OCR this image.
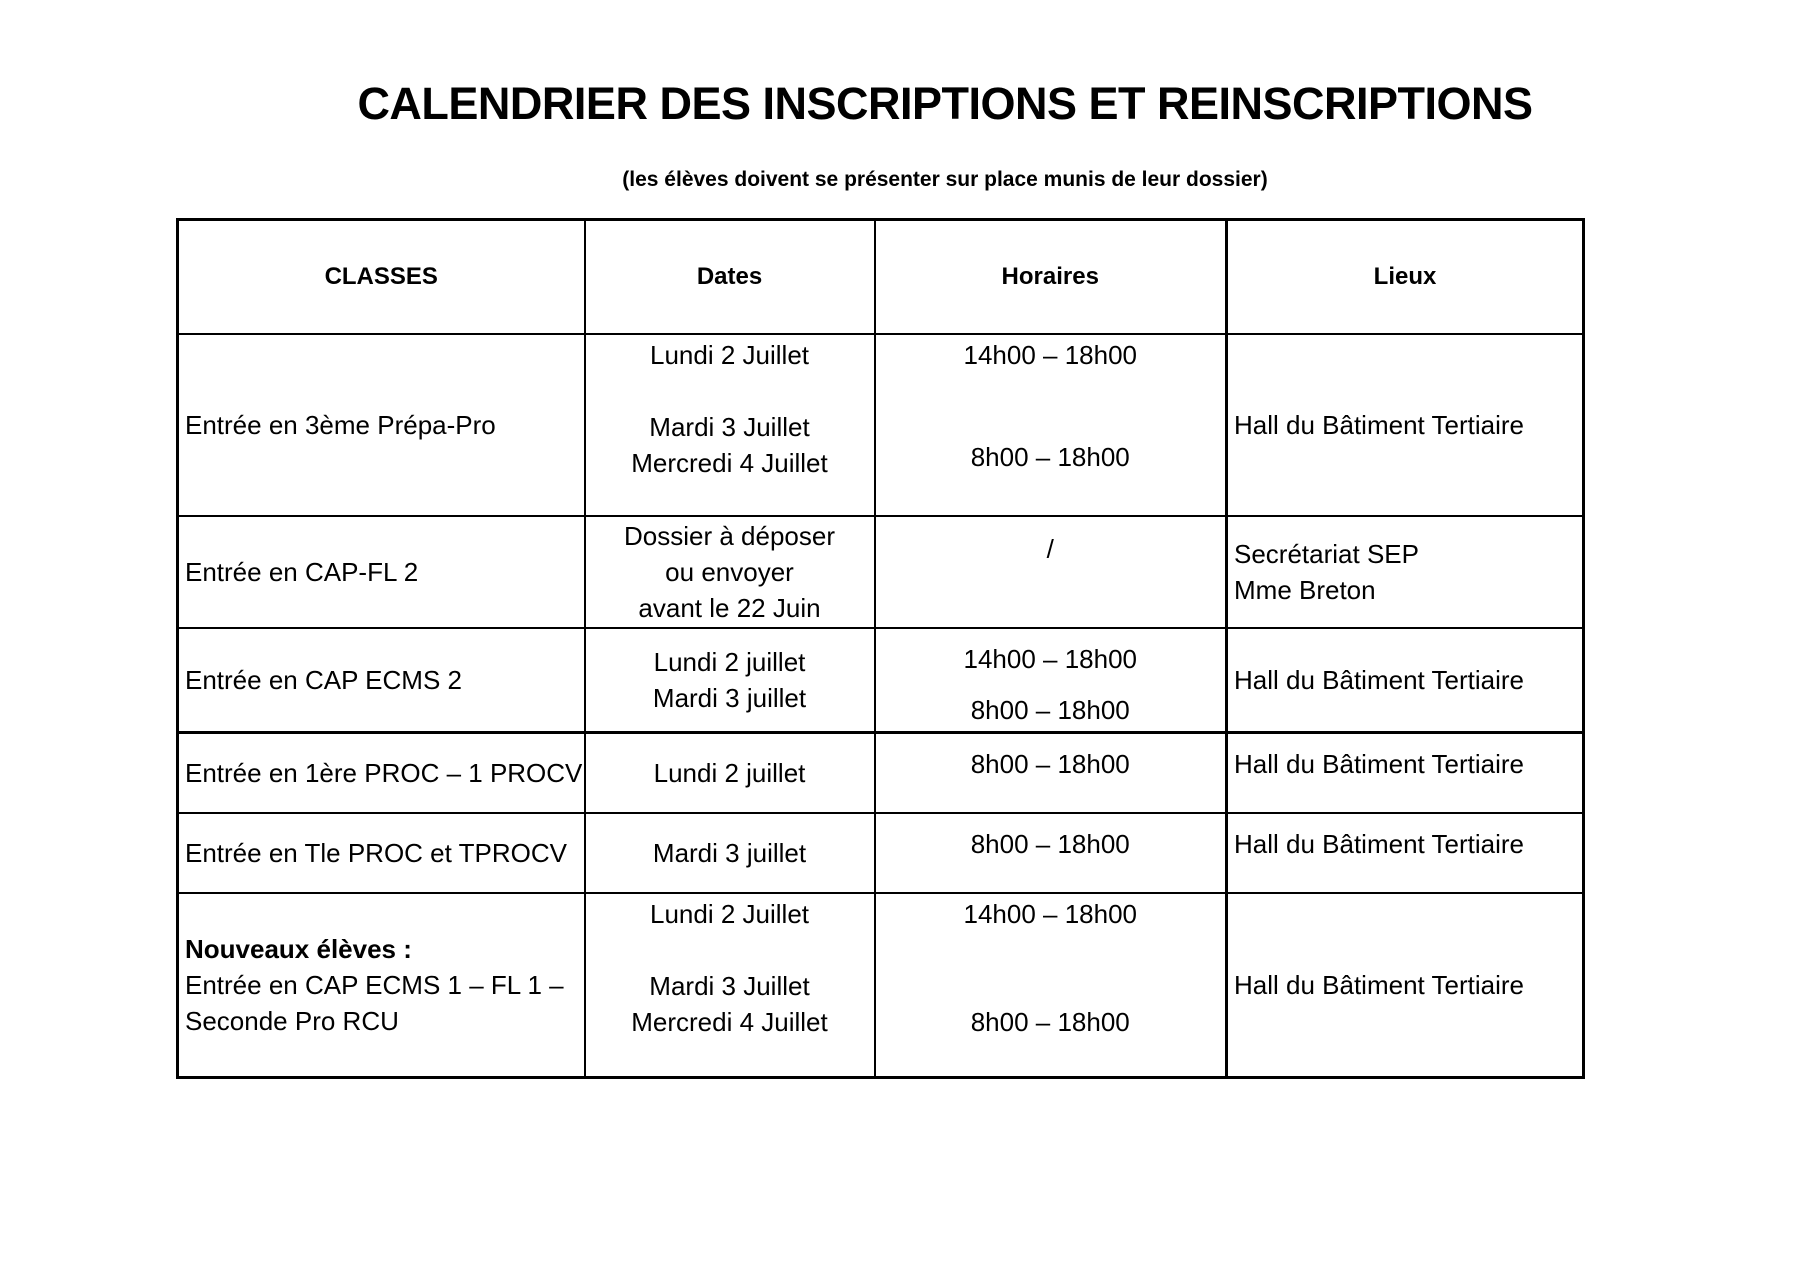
CALENDRIER DES INSCRIPTIONS ET REINSCRIPTIONS

(les élèves doivent se présenter sur place munis de leur dossier)

CLASSES	Dates	Horaires	Lieux

Entrée en 3ème Prépa-Pro	Lundi 2 Juillet
Mardi 3 Juillet
Mercredi 4 Juillet	14h00 – 18h00
8h00 – 18h00	Hall du Bâtiment Tertiaire

Entrée en CAP-FL 2	Dossier à déposer
ou envoyer
avant le 22 Juin	/	Secrétariat SEP
Mme Breton

Entrée en CAP ECMS 2	Lundi 2 juillet
Mardi 3 juillet	14h00 – 18h00
8h00 – 18h00	Hall du Bâtiment Tertiaire

Entrée en 1ère PROC – 1 PROCV	Lundi 2 juillet	8h00 – 18h00	Hall du Bâtiment Tertiaire

Entrée en Tle PROC et TPROCV	Mardi 3 juillet	8h00 – 18h00	Hall du Bâtiment Tertiaire

Nouveaux élèves :
Entrée en CAP ECMS 1 – FL 1 –
Seconde Pro RCU	Lundi 2 Juillet
Mardi 3 Juillet
Mercredi 4 Juillet	14h00 – 18h00
8h00 – 18h00	Hall du Bâtiment Tertiaire
